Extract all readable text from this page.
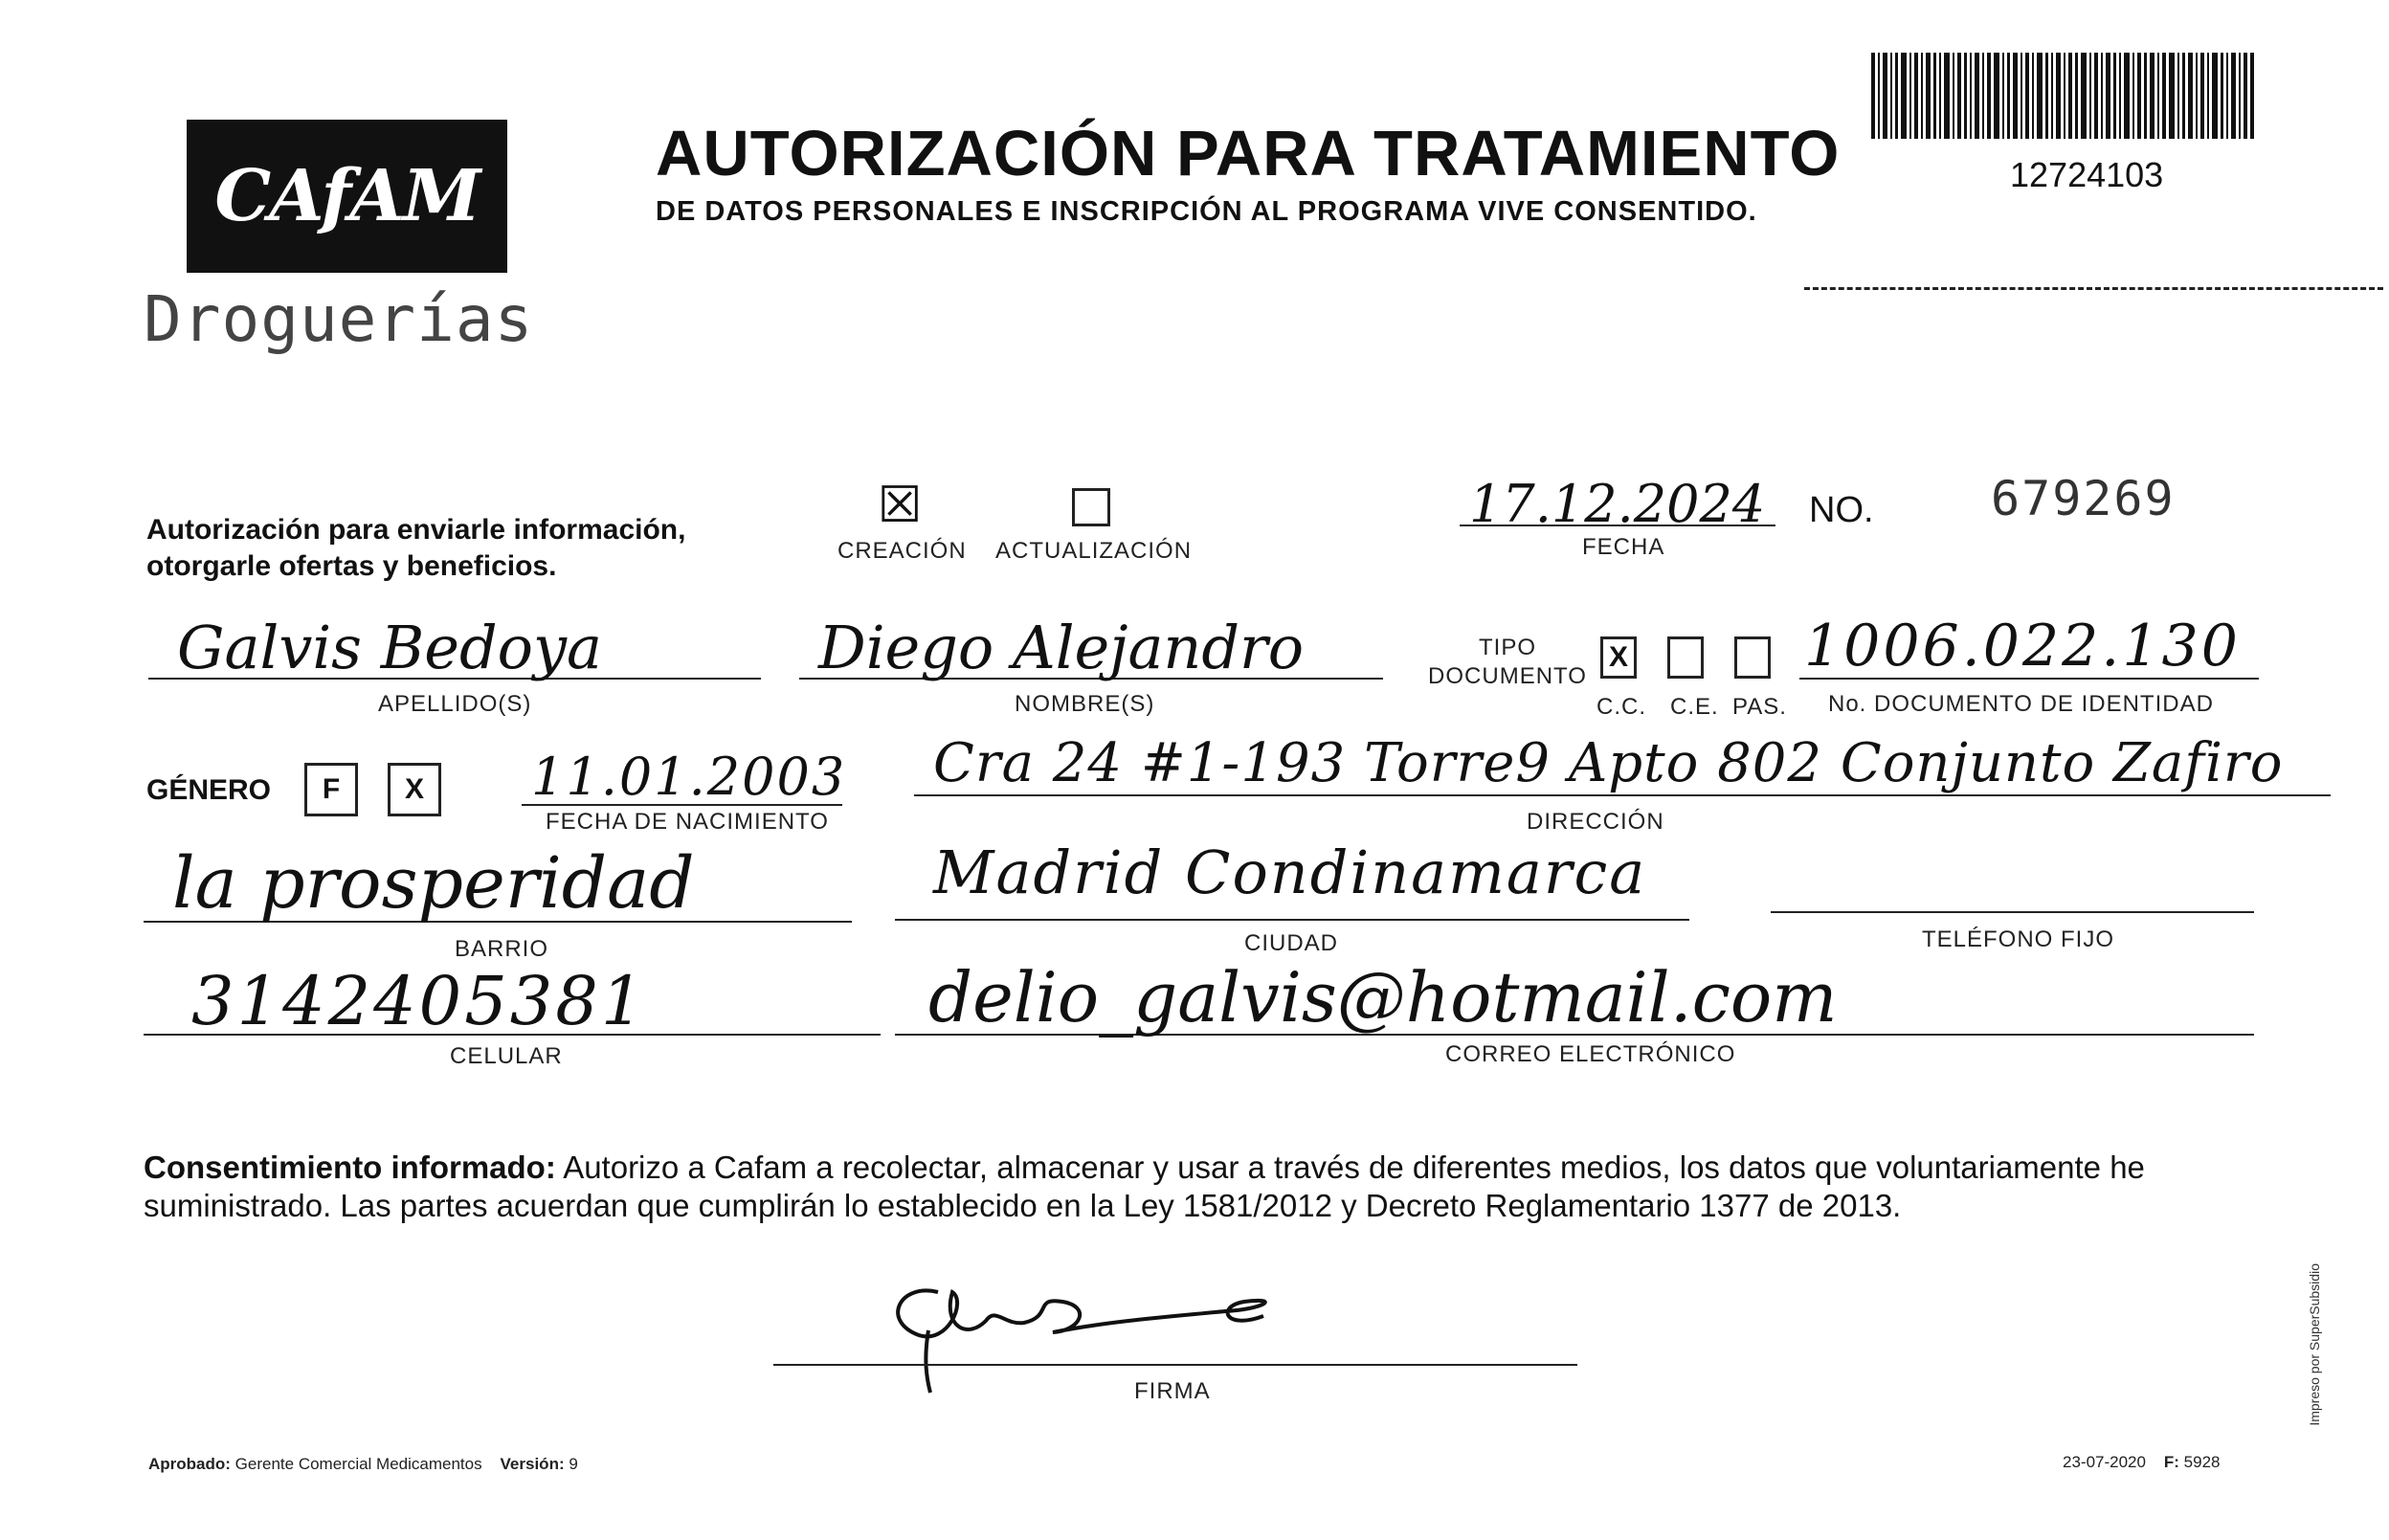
CAfAM
Droguerías
AUTORIZACIÓN PARA TRATAMIENTO
DE DATOS PERSONALES E INSCRIPCIÓN AL PROGRAMA VIVE CONSENTIDO.
12724103
Autorización para enviarle información, otorgarle ofertas y beneficios.
☒
CREACIÓN ACTUALIZACIÓN
17.12.2024
FECHA
NO. 679269
Galvis Bedoya
APELLIDO(S)
Diego Alejandro
NOMBRE(S)
TIPO DOCUMENTO
X
C.C. C.E. PAS.
1006.022.130
No. DOCUMENTO DE IDENTIDAD
GÉNERO F X 11.01.2003
FECHA DE NACIMIENTO
Cra 24 #1-193 Torre9 Apto 802 Conjunto Zafiro
DIRECCIÓN
la prosperidad
BARRIO
Madrid Condinamarca
CIUDAD	TELÉFONO FIJO
3142405381
CELULAR
delio_galvis@hotmail.com
CORREO ELECTRÓNICO
Consentimiento informado: Autorizo a Cafam a recolectar, almacenar y usar a través de diferentes medios, los datos que voluntariamente he suministrado. Las partes acuerdan que cumplirán lo establecido en la Ley 1581/2012 y Decreto Reglamentario 1377 de 2013.
FIRMA
Aprobado: Gerente Comercial Medicamentos Versión: 9	23-07-2020 F: 5928
Impreso por SuperSubsidio
